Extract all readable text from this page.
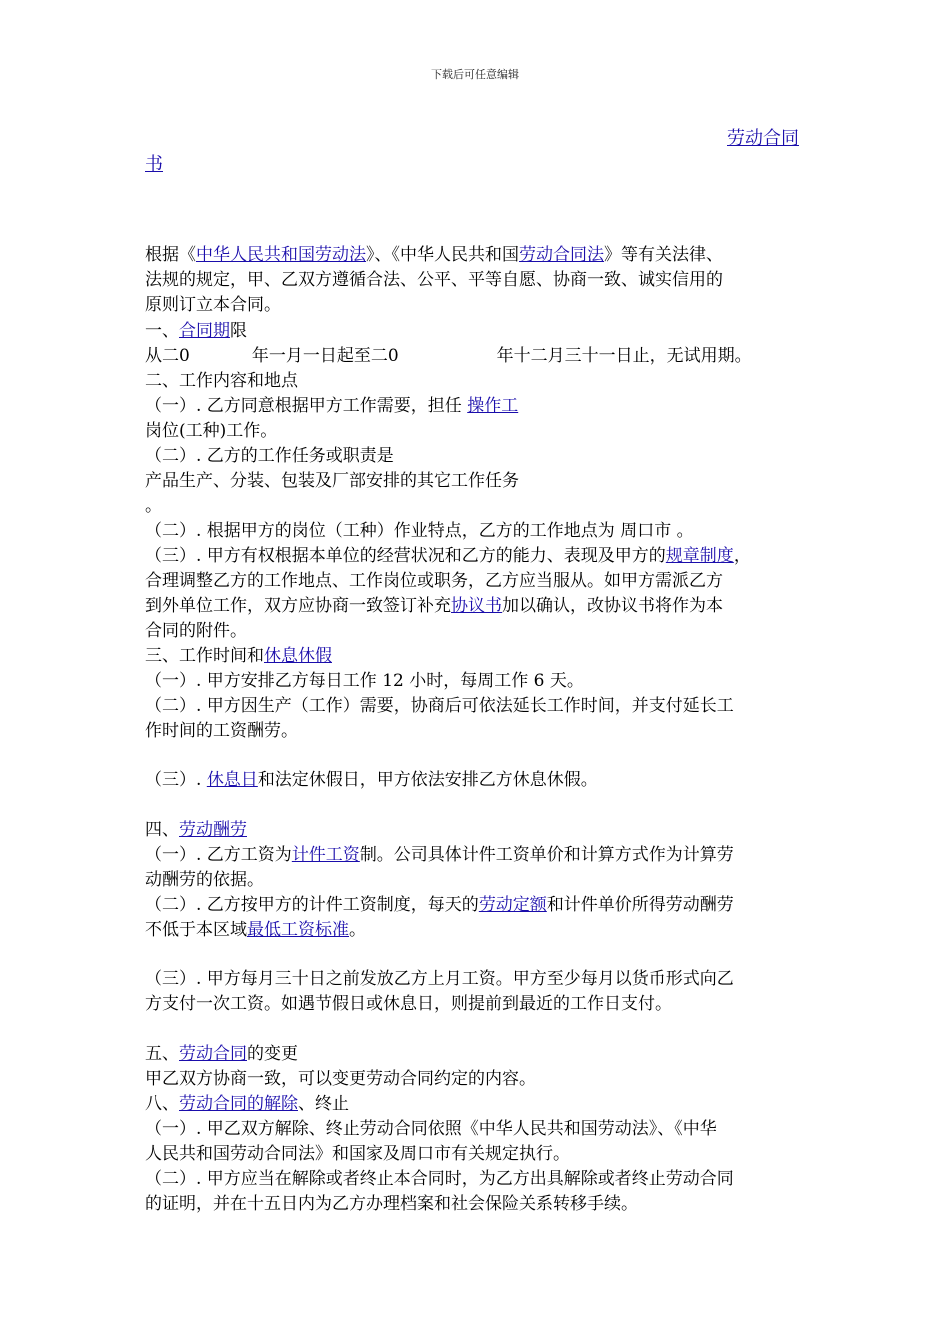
下载后可任意编辑
劳动合同
书
根据《中华人民共和国劳动法》、《中华人民共和国劳动合同法》等有关法律、
法规的规定，甲、乙双方遵循合法、公平、平等自愿、协商一致、诚实信用的
原则订立本合同。
一、合同期限
从二0	年一月一日起至二0	年十二月三十一日止，无试用期。
二、工作内容和地点
（一）. 乙方同意根据甲方工作需要，担任 操作工
岗位(工种)工作。
（二）. 乙方的工作任务或职责是
产品生产、分装、包装及厂部安排的其它工作任务
。
（二）. 根据甲方的岗位（工种）作业特点，乙方的工作地点为 周口市 。
（三）. 甲方有权根据本单位的经营状况和乙方的能力、表现及甲方的规章制度，
合理调整乙方的工作地点、工作岗位或职务，乙方应当服从。如甲方需派乙方
到外单位工作，双方应协商一致签订补充协议书加以确认，改协议书将作为本
合同的附件。
三、工作时间和休息休假
（一）. 甲方安排乙方每日工作 12 小时，每周工作 6 天。
（二）. 甲方因生产（工作）需要，协商后可依法延长工作时间，并支付延长工
作时间的工资酬劳。
（三）. 休息日和法定休假日，甲方依法安排乙方休息休假。
四、劳动酬劳
（一）. 乙方工资为计件工资制。公司具体计件工资单价和计算方式作为计算劳
动酬劳的依据。
（二）. 乙方按甲方的计件工资制度，每天的劳动定额和计件单价所得劳动酬劳
不低于本区域最低工资标准。
（三）. 甲方每月三十日之前发放乙方上月工资。甲方至少每月以货币形式向乙
方支付一次工资。如遇节假日或休息日，则提前到最近的工作日支付。
五、劳动合同的变更
甲乙双方协商一致，可以变更劳动合同约定的内容。
八、劳动合同的解除、终止
（一）. 甲乙双方解除、终止劳动合同依照《中华人民共和国劳动法》、《中华
人民共和国劳动合同法》和国家及周口市有关规定执行。
（二）. 甲方应当在解除或者终止本合同时，为乙方出具解除或者终止劳动合同
的证明，并在十五日内为乙方办理档案和社会保险关系转移手续。
